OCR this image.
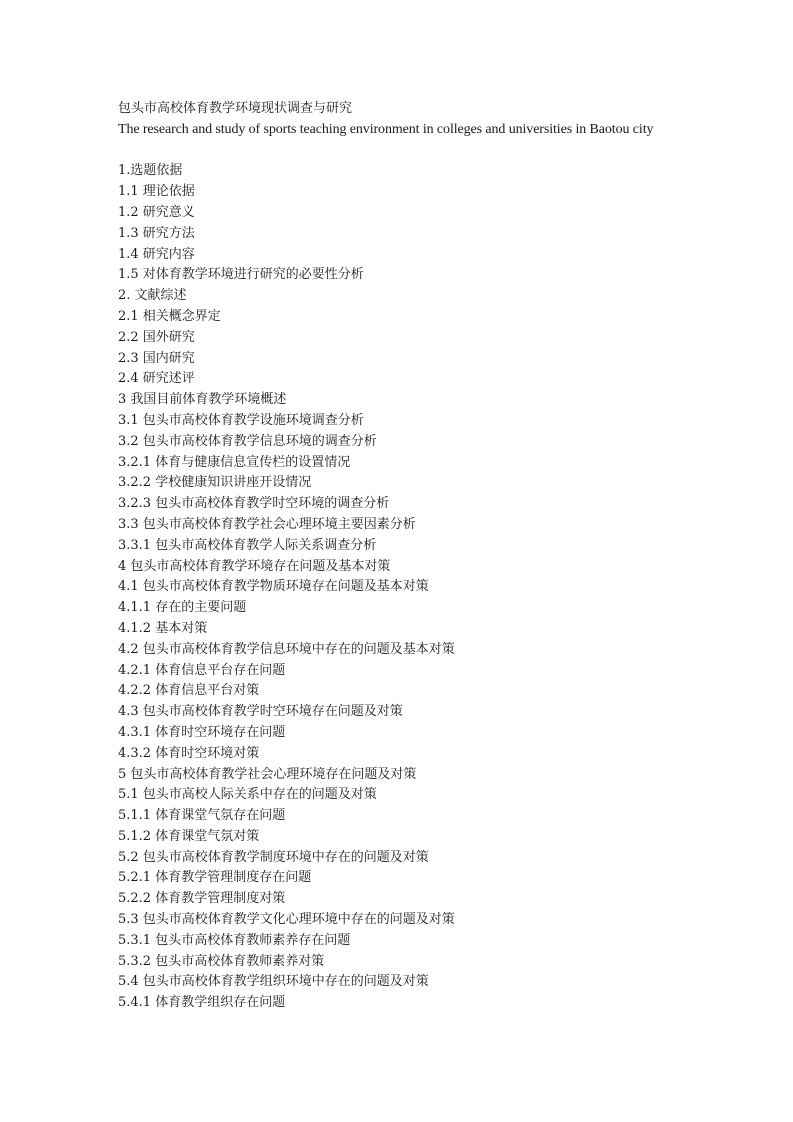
包头市高校体育教学环境现状调查与研究
The research and study of sports teaching environment in colleges and universities in Baotou city
1.选题依据
1.1 理论依据
1.2 研究意义
1.3 研究方法
1.4 研究内容
1.5 对体育教学环境进行研究的必要性分析
2. 文献综述
2.1 相关概念界定
2.2 国外研究
2.3 国内研究
2.4 研究述评
3 我国目前体育教学环境概述
3.1 包头市高校体育教学设施环境调查分析
3.2 包头市高校体育教学信息环境的调查分析
3.2.1 体育与健康信息宣传栏的设置情况
3.2.2 学校健康知识讲座开设情况
3.2.3 包头市高校体育教学时空环境的调查分析
3.3 包头市高校体育教学社会心理环境主要因素分析
3.3.1 包头市高校体育教学人际关系调查分析
4 包头市高校体育教学环境存在问题及基本对策
4.1 包头市高校体育教学物质环境存在问题及基本对策
4.1.1 存在的主要问题
4.1.2 基本对策
4.2 包头市高校体育教学信息环境中存在的问题及基本对策
4.2.1 体育信息平台存在问题
4.2.2 体育信息平台对策
4.3 包头市高校体育教学时空环境存在问题及对策
4.3.1 体育时空环境存在问题
4.3.2 体育时空环境对策
5 包头市高校体育教学社会心理环境存在问题及对策
5.1 包头市高校人际关系中存在的问题及对策
5.1.1 体育课堂气氛存在问题
5.1.2 体育课堂气氛对策
5.2 包头市高校体育教学制度环境中存在的问题及对策
5.2.1 体育教学管理制度存在问题
5.2.2 体育教学管理制度对策
5.3 包头市高校体育教学文化心理环境中存在的问题及对策
5.3.1 包头市高校体育教师素养存在问题
5.3.2 包头市高校体育教师素养对策
5.4 包头市高校体育教学组织环境中存在的问题及对策
5.4.1 体育教学组织存在问题
